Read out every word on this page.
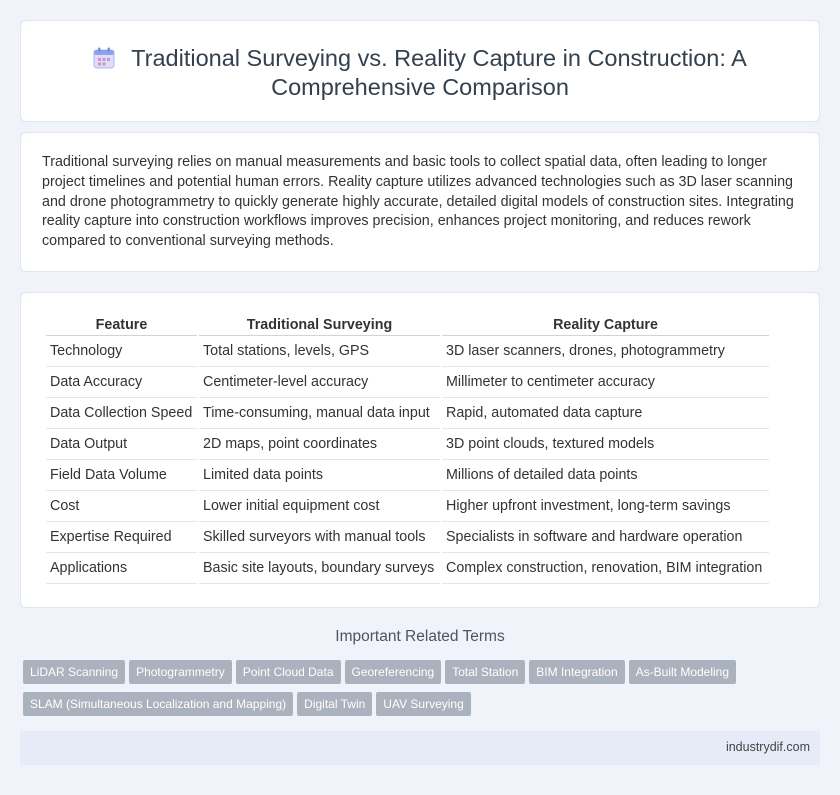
Traditional Surveying vs. Reality Capture in Construction: A Comprehensive Comparison
Traditional surveying relies on manual measurements and basic tools to collect spatial data, often leading to longer project timelines and potential human errors. Reality capture utilizes advanced technologies such as 3D laser scanning and drone photogrammetry to quickly generate highly accurate, detailed digital models of construction sites. Integrating reality capture into construction workflows improves precision, enhances project monitoring, and reduces rework compared to conventional surveying methods.
Feature	Traditional Surveying	Reality Capture
Technology	Total stations, levels, GPS	3D laser scanners, drones, photogrammetry
Data Accuracy	Centimeter-level accuracy	Millimeter to centimeter accuracy
Data Collection Speed	Time-consuming, manual data input	Rapid, automated data capture
Data Output	2D maps, point coordinates	3D point clouds, textured models
Field Data Volume	Limited data points	Millions of detailed data points
Cost	Lower initial equipment cost	Higher upfront investment, long-term savings
Expertise Required	Skilled surveyors with manual tools	Specialists in software and hardware operation
Applications	Basic site layouts, boundary surveys	Complex construction, renovation, BIM integration
Important Related Terms
LiDAR Scanning Photogrammetry Point Cloud Data Georeferencing Total Station BIM Integration As-Built Modeling
SLAM (Simultaneous Localization and Mapping) Digital Twin UAV Surveying
industrydif.com
